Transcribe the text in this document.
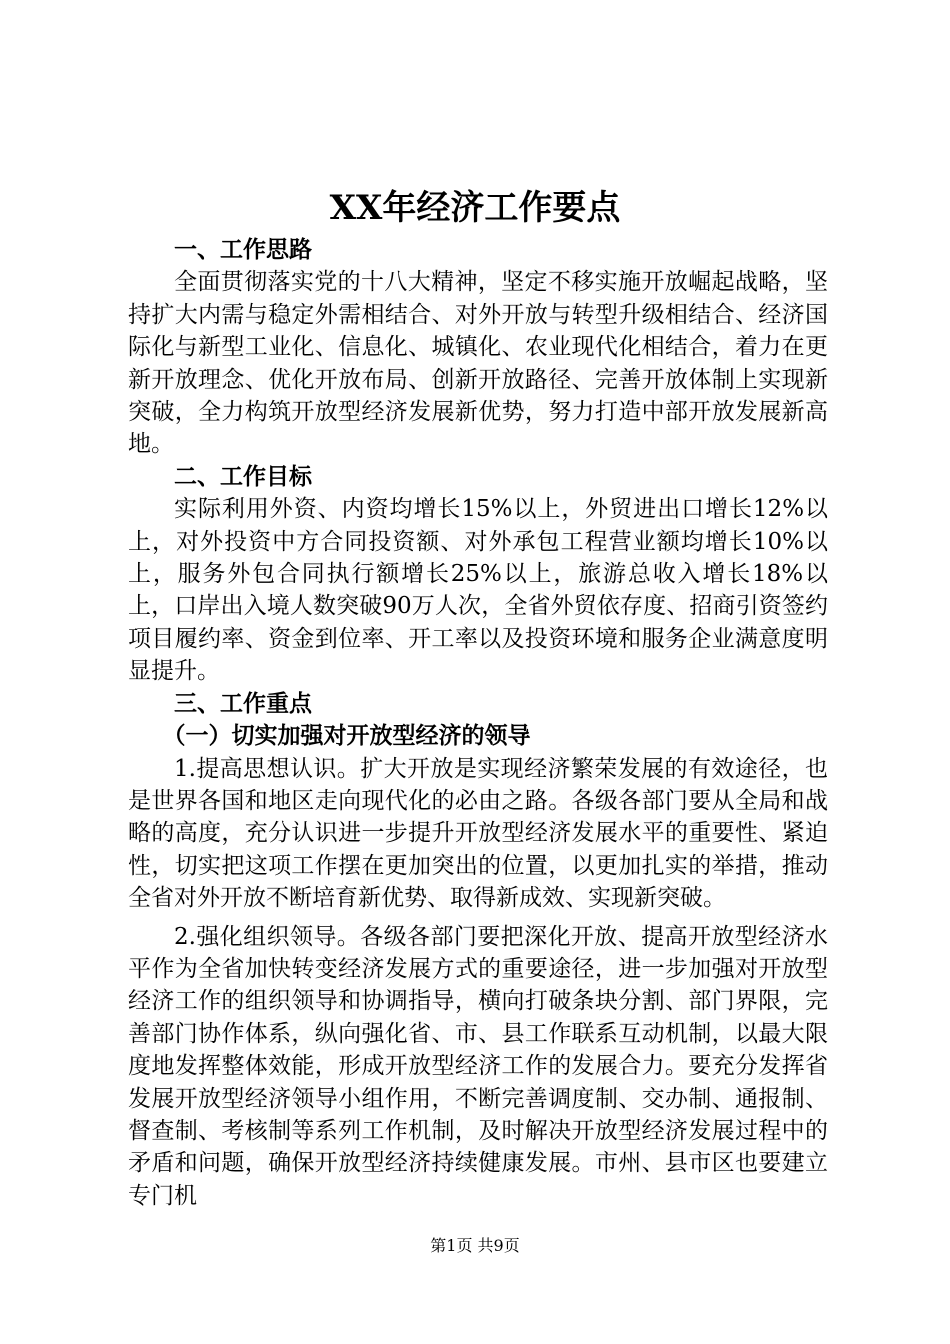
XX年经济工作要点
一、工作思路

全面贯彻落实党的十八大精神，坚定不移实施开放崛起战略，坚持扩大内需与稳定外需相结合、对外开放与转型升级相结合、经济国际化与新型工业化、信息化、城镇化、农业现代化相结合，着力在更新开放理念、优化开放布局、创新开放路径、完善开放体制上实现新突破，全力构筑开放型经济发展新优势，努力打造中部开放发展新高地。

二、工作目标

实际利用外资、内资均增长15%以上，外贸进出口增长12%以上，对外投资中方合同投资额、对外承包工程营业额均增长10%以上，服务外包合同执行额增长25%以上，旅游总收入增长18%以上，口岸出入境人数突破90万人次，全省外贸依存度、招商引资签约项目履约率、资金到位率、开工率以及投资环境和服务企业满意度明显提升。

三、工作重点
（一）切实加强对开放型经济的领导

1.提高思想认识。扩大开放是实现经济繁荣发展的有效途径，也是世界各国和地区走向现代化的必由之路。各级各部门要从全局和战略的高度，充分认识进一步提升开放型经济发展水平的重要性、紧迫性，切实把这项工作摆在更加突出的位置，以更加扎实的举措，推动全省对外开放不断培育新优势、取得新成效、实现新突破。

2.强化组织领导。各级各部门要把深化开放、提高开放型经济水平作为全省加快转变经济发展方式的重要途径，进一步加强对开放型经济工作的组织领导和协调指导，横向打破条块分割、部门界限，完善部门协作体系，纵向强化省、市、县工作联系互动机制，以最大限度地发挥整体效能，形成开放型经济工作的发展合力。要充分发挥省发展开放型经济领导小组作用，不断完善调度制、交办制、通报制、督查制、考核制等系列工作机制，及时解决开放型经济发展过程中的矛盾和问题，确保开放型经济持续健康发展。市州、县市区也要建立专门机

第1页 共9页
